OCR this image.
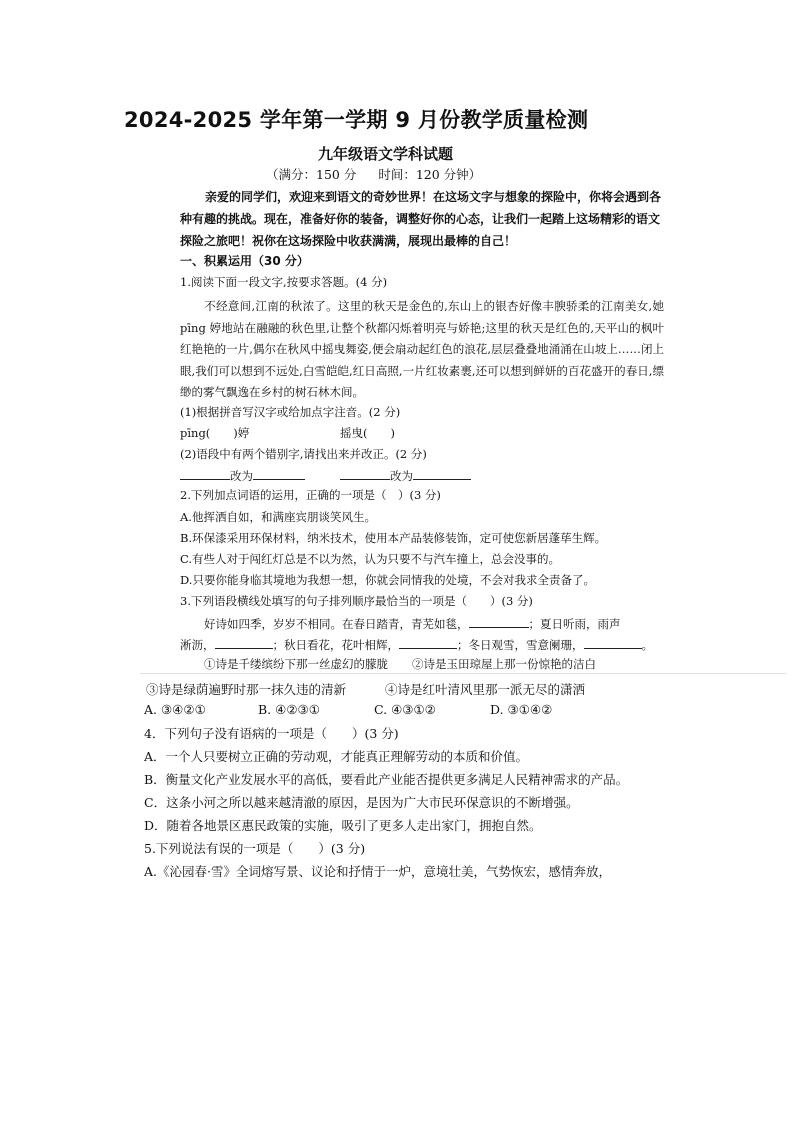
2024-2025 学年第一学期 9 月份教学质量检测
九年级语文学科试题
（满分：150 分 时间：120 分钟）
亲爱的同学们，欢迎来到语文的奇妙世界！在这场文字与想象的探险中，你将会遇到各种有趣的挑战。现在，准备好你的装备，调整好你的心态，让我们一起踏上这场精彩的语文探险之旅吧！祝你在这场探险中收获满满，展现出最棒的自己！
一、积累运用（30 分）
1.阅读下面一段文字,按要求答题。(4 分)
不经意间,江南的秋浓了。这里的秋天是金色的,东山上的银杏好像丰腴骄柔的江南美女,她 pīng 婷地站在融融的秋色里,让整个秋都闪烁着明亮与娇艳;这里的秋天是红色的,天平山的枫叶红艳艳的一片,偶尔在秋风中摇曳舞姿,便会扇动起红色的浪花,层层叠叠地涌涌在山坡上……闭上眼,我们可以想到不远处,白雪皑皑,红日高照,一片红妆素裹,还可以想到鲜妍的百花盛开的春日,缥缈的雾气飘逸在乡村的树石林木间。
(1)根据拼音写汉字或给加点字注音。(2 分)
pīng(　　)婷	摇曳(　　)
(2)语段中有两个错别字,请找出来并改正。(2 分)
改为	改为
2.下列加点词语的运用，正确的一项是（　）(3 分)
A.他挥洒自如，和满座宾朋谈笑风生。
B.环保漆采用环保材料，纳米技术，使用本产品装修装饰，定可使您新居蓬荜生辉。
C.有些人对于闯红灯总是不以为然，认为只要不与汽车撞上，总会没事的。
D.只要你能身临其境地为我想一想，你就会同情我的处境，不会对我求全责备了。
3.下列语段横线处填写的句子排列顺序最恰当的一项是（　　）(3 分)
好诗如四季，岁岁不相同。在春日踏青，青芜如毯，	；夏日听雨，雨声
淅沥，	；秋日看花，花叶相辉，	；冬日观雪，雪意阑珊，	。
①诗是千缕缤纷下那一丝虚幻的朦胧 ②诗是玉田琼屋上那一份惊艳的洁白
③诗是绿荫遍野时那一抹久违的清新	④诗是红叶清风里那一派无尽的潇洒
A. ③④②①	B. ④②③①	C. ④③①②	D. ③①④②
4．下列句子没有语病的一项是（　　）(3 分)
A．一个人只要树立正确的劳动观，才能真正理解劳动的本质和价值。
B．衡量文化产业发展水平的高低，要看此产业能否提供更多满足人民精神需求的产品。
C．这条小河之所以越来越清澈的原因，是因为广大市民环保意识的不断增强。
D．随着各地景区惠民政策的实施，吸引了更多人走出家门，拥抱自然。
5.下列说法有误的一项是（　　）(3 分)
A.《沁园春·雪》全词熔写景、议论和抒情于一炉，意境壮美，气势恢宏，感情奔放，
